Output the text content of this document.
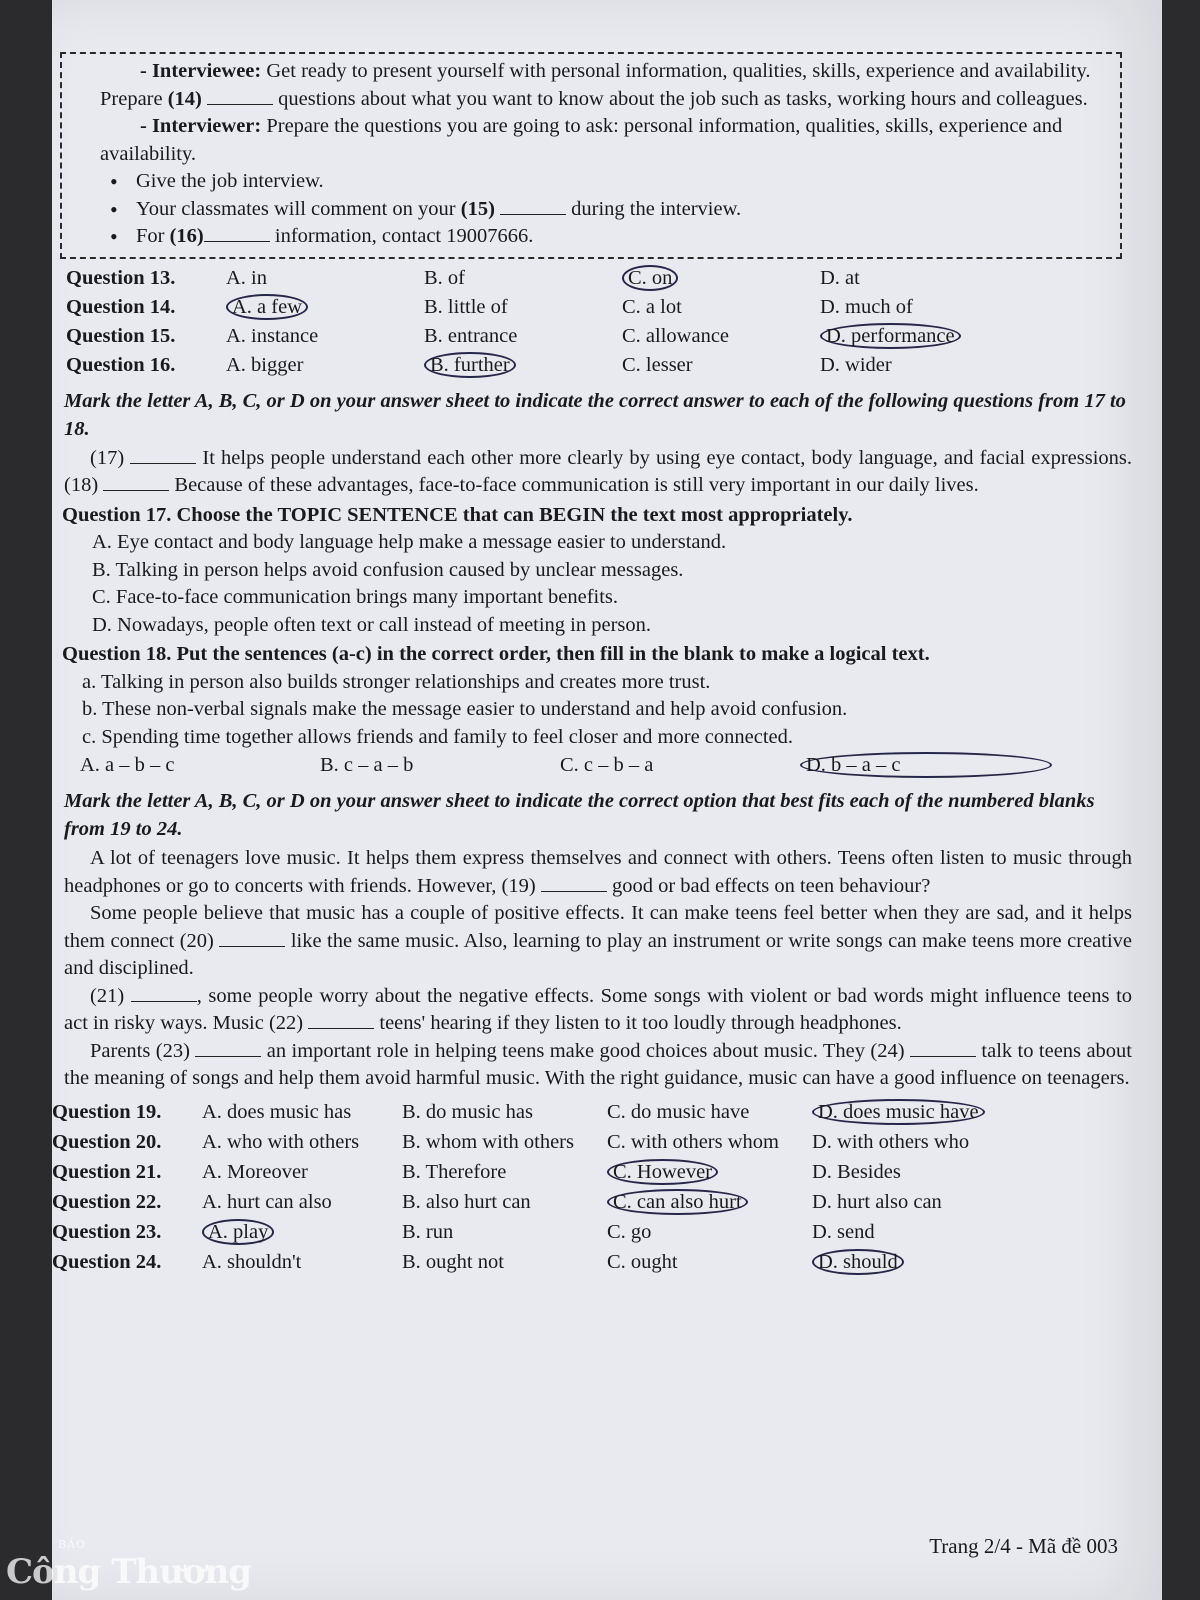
- Interviewee: Get ready to present yourself with personal information, qualities, skills, experience and availability. Prepare (14)	questions about what you want to know about the job such as tasks, working hours and colleagues.

- Interviewer: Prepare the questions you are going to ask: personal information, qualities, skills, experience and availability.

• Give the job interview.
• Your classmates will comment on your (15)	during the interview.
• For (16)	information, contact 19007666.
Question 13.	A. in	B. of	C. on	D. at
Question 14.	A. a few	B. little of	C. a lot	D. much of
Question 15.	A. instance	B. entrance	C. allowance	D. performance
Question 16.	A. bigger	B. further	C. lesser	D. wider
Mark the letter A, B, C, or D on your answer sheet to indicate the correct answer to each of the following questions from 17 to 18.

(17)	It helps people understand each other more clearly by using eye contact, body language, and facial expressions. (18)	Because of these advantages, face-to-face communication is still very important in our daily lives.

Question 17. Choose the TOPIC SENTENCE that can BEGIN the text most appropriately.
A. Eye contact and body language help make a message easier to understand.
B. Talking in person helps avoid confusion caused by unclear messages.
C. Face-to-face communication brings many important benefits.
D. Nowadays, people often text or call instead of meeting in person.
Question 18. Put the sentences (a-c) in the correct order, then fill in the blank to make a logical text.
a. Talking in person also builds stronger relationships and creates more trust.
b. These non-verbal signals make the message easier to understand and help avoid confusion.
c. Spending time together allows friends and family to feel closer and more connected.
A. a – b – c	B. c – a – b	C. c – b – a	D. b – a – c
Mark the letter A, B, C, or D on your answer sheet to indicate the correct option that best fits each of the numbered blanks from 19 to 24.

A lot of teenagers love music. It helps them express themselves and connect with others. Teens often listen to music through headphones or go to concerts with friends. However, (19)	good or bad effects on teen behaviour?

Some people believe that music has a couple of positive effects. It can make teens feel better when they are sad, and it helps them connect (20)	like the same music. Also, learning to play an instrument or write songs can make teens more creative and disciplined.

(21)	, some people worry about the negative effects. Some songs with violent or bad words might influence teens to act in risky ways. Music (22)	teens' hearing if they listen to it too loudly through headphones.

Parents (23)	an important role in helping teens make good choices about music. They (24)	talk to teens about the meaning of songs and help them avoid harmful music. With the right guidance, music can have a good influence on teenagers.

Question 19.	A. does music has	B. do music has	C. do music have	D. does music have
Question 20.	A. who with others	B. whom with others	C. with others whom	D. with others who
Question 21.	A. Moreover	B. Therefore	C. However	D. Besides
Question 22.	A. hurt can also	B. also hurt can	C. can also hurt	D. hurt also can
Question 23.	A. play	B. run	C. go	D. send
Question 24.	A. shouldn't	B. ought not	C. ought	D. should
Trang 2/4 - Mã đề 003
BÁO
Công Thương
